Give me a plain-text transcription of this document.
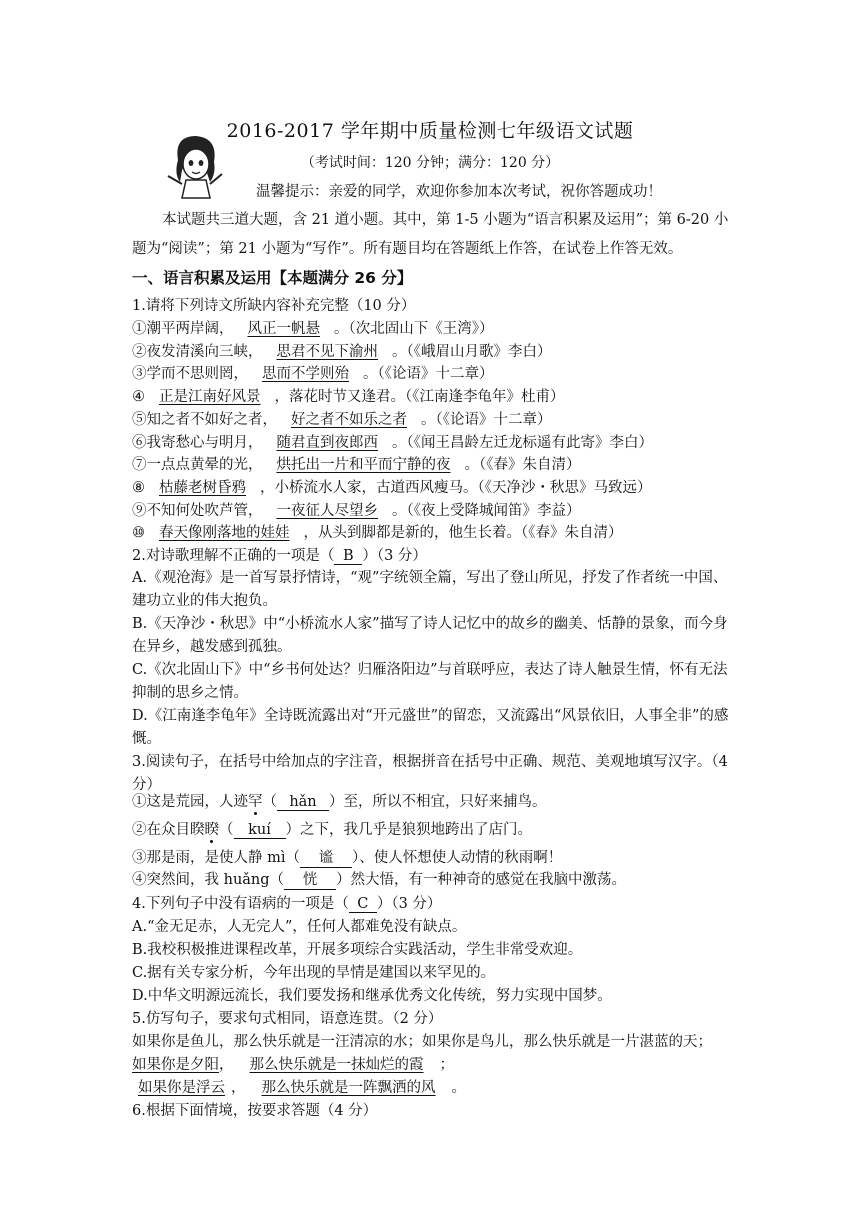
2016-2017 学年期中质量检测七年级语文试题
（考试时间：120 分钟；满分：120 分）
温馨提示：亲爱的同学，欢迎你参加本次考试，祝你答题成功！
本试题共三道大题，含 21 道小题。其中，第 1-5 小题为“语言积累及运用”；第 6-20 小题为“阅读”；第 21 小题为“写作”。所有题目均在答题纸上作答，在试卷上作答无效。
一、语言积累及运用【本题满分 26 分】
1.请将下列诗文所缺内容补充完整（10 分）
①潮平两岸阔， 风正一帆悬 。（次北固山下《王湾》）
②夜发清溪向三峡， 思君不见下渝州 。（《峨眉山月歌》李白）
③学而不思则罔， 思而不学则殆 。（《论语》十二章）
④ 正是江南好风景 ，落花时节又逢君。（《江南逢李龟年》杜甫）
⑤知之者不如好之者， 好之者不如乐之者 。（《论语》十二章）
⑥我寄愁心与明月， 随君直到夜郎西 。（《闻王昌龄左迁龙标遥有此寄》李白）
⑦一点点黄晕的光， 烘托出一片和平而宁静的夜 。（《春》朱自清）
⑧ 枯藤老树昏鸦 ，小桥流水人家，古道西风瘦马。（《天净沙・秋思》马致远）
⑨不知何处吹芦管， 一夜征人尽望乡 。（《夜上受降城闻笛》李益）
⑩ 春天像刚落地的娃娃 ，从头到脚都是新的，他生长着。（《春》朱自清）
2.对诗歌理解不正确的一项是（ B ）（3 分）
A.《观沧海》是一首写景抒情诗，“观”字统领全篇，写出了登山所见，抒发了作者统一中国、建功立业的伟大抱负。
B.《天净沙・秋思》中“小桥流水人家”描写了诗人记忆中的故乡的幽美、恬静的景象，而今身在异乡，越发感到孤独。
C.《次北固山下》中“乡书何处达？归雁洛阳边”与首联呼应，表达了诗人触景生情，怀有无法抑制的思乡之情。
D.《江南逢李龟年》全诗既流露出对“开元盛世”的留恋，又流露出“风景依旧，人事全非”的感慨。
3.阅读句子，在括号中给加点的字注音，根据拼音在括号中正确、规范、美观地填写汉字。（4 分）
①这是荒园，人迹罕（ hǎn ）至，所以不相宜，只好来捕鸟。
②在众目睽睽（ kuí ）之下，我几乎是狼狈地跨出了店门。
③那是雨，是使人静 mì（ 谧 ）、使人怀想使人动情的秋雨啊！
④突然间，我 huǎng（ 恍 ）然大悟，有一种神奇的感觉在我脑中激荡。
4.下列句子中没有语病的一项是（ C ）（3 分）
A.“金无足赤，人无完人”，任何人都难免没有缺点。
B.我校积极推进课程改革，开展多项综合实践活动，学生非常受欢迎。
C.据有关专家分析，今年出现的旱情是建国以来罕见的。
D.中华文明源远流长，我们要发扬和继承优秀文化传统，努力实现中国梦。
5.仿写句子，要求句式相同，语意连贯。（2 分）
如果你是鱼儿，那么快乐就是一汪清凉的水；如果你是鸟儿，那么快乐就是一片湛蓝的天；
如果你是夕阳， 那么快乐就是一抹灿烂的霞 ；
如果你是浮云 ， 那么快乐就是一阵飘洒的风 。
6.根据下面情境，按要求答题（4 分）
